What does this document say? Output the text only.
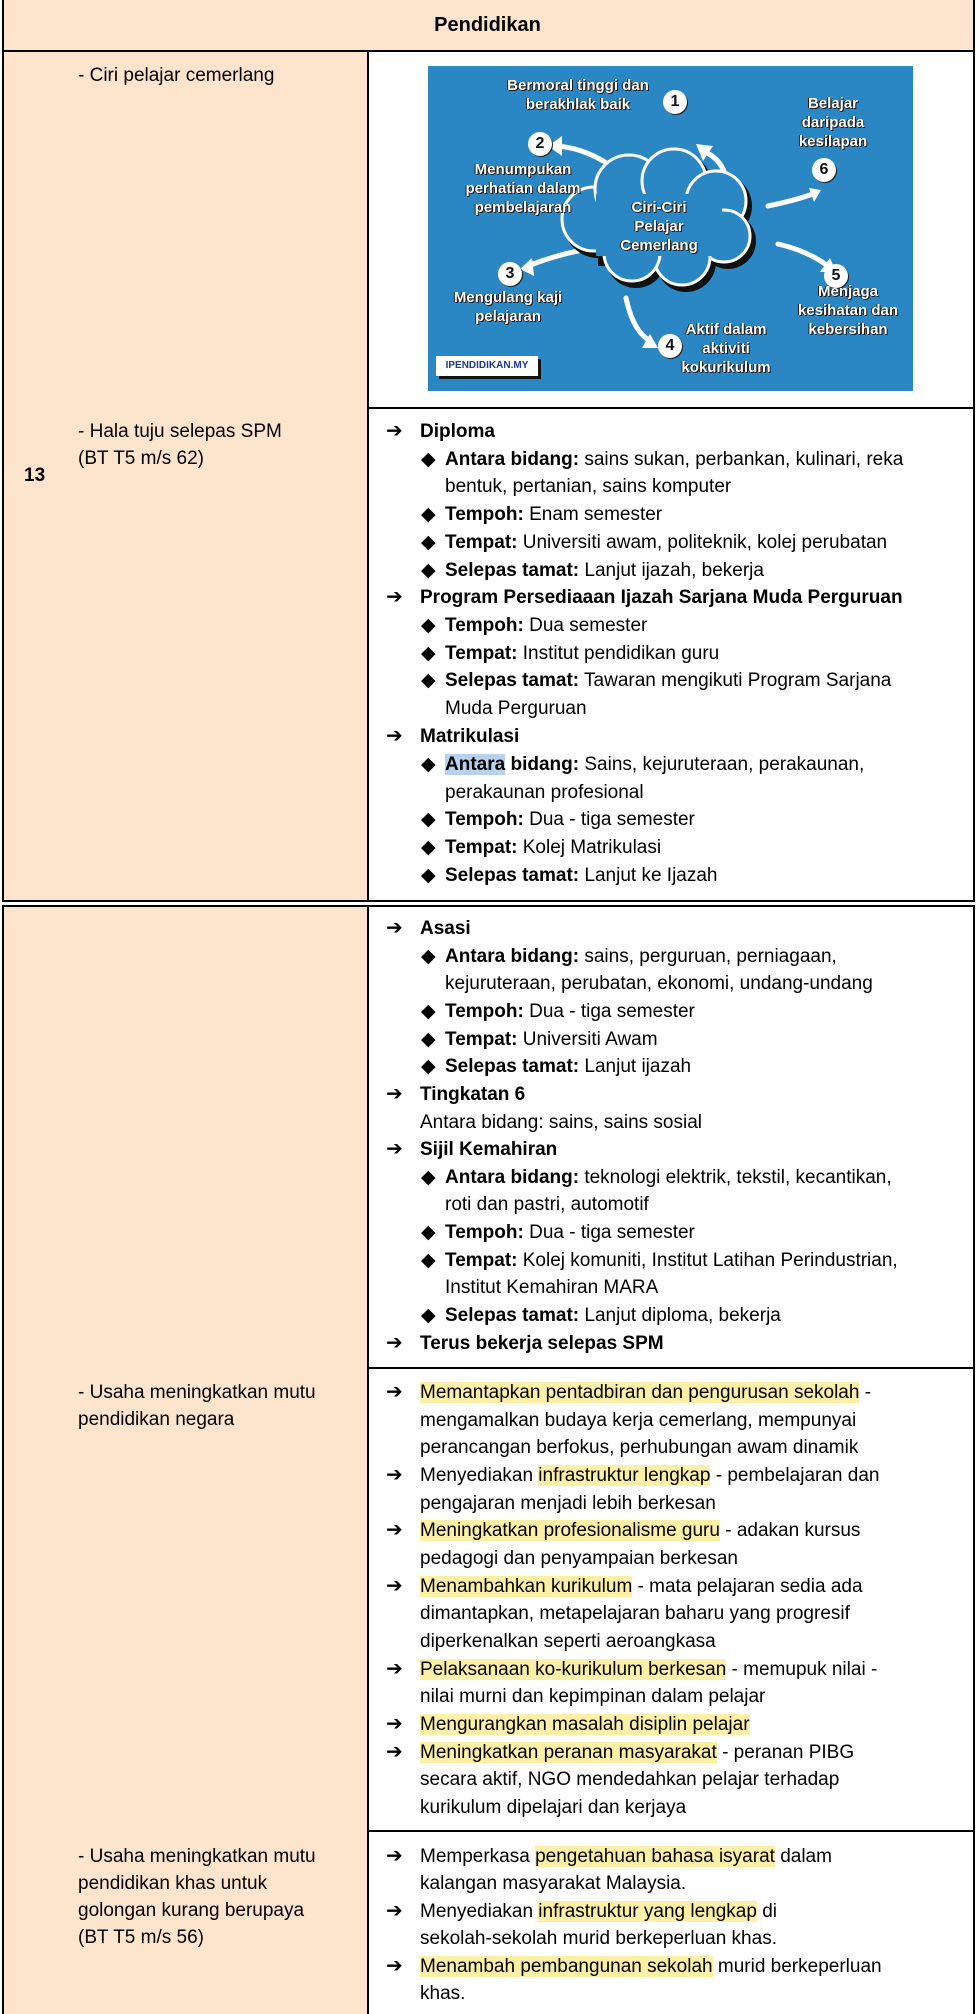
Pendidikan
13
- Ciri pelajar cemerlang
- Hala tuju selepas SPM
(BT T5 m/s 62)
Ciri-Ciri
Pelajar
Cemerlang
1
Bermoral tinggi dan
berakhlak baik
2
Menumpukan
perhatian dalam
pembelajaran
3
Mengulang kaji
pelajaran
4
Aktif dalam
aktiviti
kokurikulum
5
Menjaga
kesihatan dan
kebersihan
6
Belajar
daripada
kesilapan
IPENDIDIKAN.MY
➔ Diploma
◆ Antara bidang: sains sukan, perbankan, kulinari, reka
bentuk, pertanian, sains komputer
◆ Tempoh: Enam semester
◆ Tempat: Universiti awam, politeknik, kolej perubatan
◆ Selepas tamat: Lanjut ijazah, bekerja
➔ Program Persediaaan Ijazah Sarjana Muda Perguruan
◆ Tempoh: Dua semester
◆ Tempat: Institut pendidikan guru
◆ Selepas tamat: Tawaran mengikuti Program Sarjana
Muda Perguruan
➔ Matrikulasi
◆ Antara bidang: Sains, kejuruteraan, perakaunan,
perakaunan profesional
◆ Tempoh: Dua - tiga semester
◆ Tempat: Kolej Matrikulasi
◆ Selepas tamat: Lanjut ke Ijazah
- Usaha meningkatkan mutu
pendidikan negara
- Usaha meningkatkan mutu
pendidikan khas untuk
golongan kurang berupaya
(BT T5 m/s 56)
➔ Asasi
◆ Antara bidang: sains, perguruan, perniagaan,
kejuruteraan, perubatan, ekonomi, undang-undang
◆ Tempoh: Dua - tiga semester
◆ Tempat: Universiti Awam
◆ Selepas tamat: Lanjut ijazah
➔ Tingkatan 6
Antara bidang: sains, sains sosial
➔ Sijil Kemahiran
◆ Antara bidang: teknologi elektrik, tekstil, kecantikan,
roti dan pastri, automotif
◆ Tempoh: Dua - tiga semester
◆ Tempat: Kolej komuniti, Institut Latihan Perindustrian,
Institut Kemahiran MARA
◆ Selepas tamat: Lanjut diploma, bekerja
➔ Terus bekerja selepas SPM
➔ Memantapkan pentadbiran dan pengurusan sekolah -
mengamalkan budaya kerja cemerlang, mempunyai
perancangan berfokus, perhubungan awam dinamik
➔ Menyediakan infrastruktur lengkap - pembelajaran dan
pengajaran menjadi lebih berkesan
➔ Meningkatkan profesionalisme guru - adakan kursus
pedagogi dan penyampaian berkesan
➔ Menambahkan kurikulum - mata pelajaran sedia ada
dimantapkan, metapelajaran baharu yang progresif
diperkenalkan seperti aeroangkasa
➔ Pelaksanaan ko-kurikulum berkesan - memupuk nilai -
nilai murni dan kepimpinan dalam pelajar
➔ Mengurangkan masalah disiplin pelajar
➔ Meningkatkan peranan masyarakat - peranan PIBG
secara aktif, NGO mendedahkan pelajar terhadap
kurikulum dipelajari dan kerjaya
➔ Memperkasa pengetahuan bahasa isyarat dalam
kalangan masyarakat Malaysia.
➔ Menyediakan infrastruktur yang lengkap di
sekolah-sekolah murid berkeperluan khas.
➔ Menambah pembangunan sekolah murid berkeperluan
khas.
